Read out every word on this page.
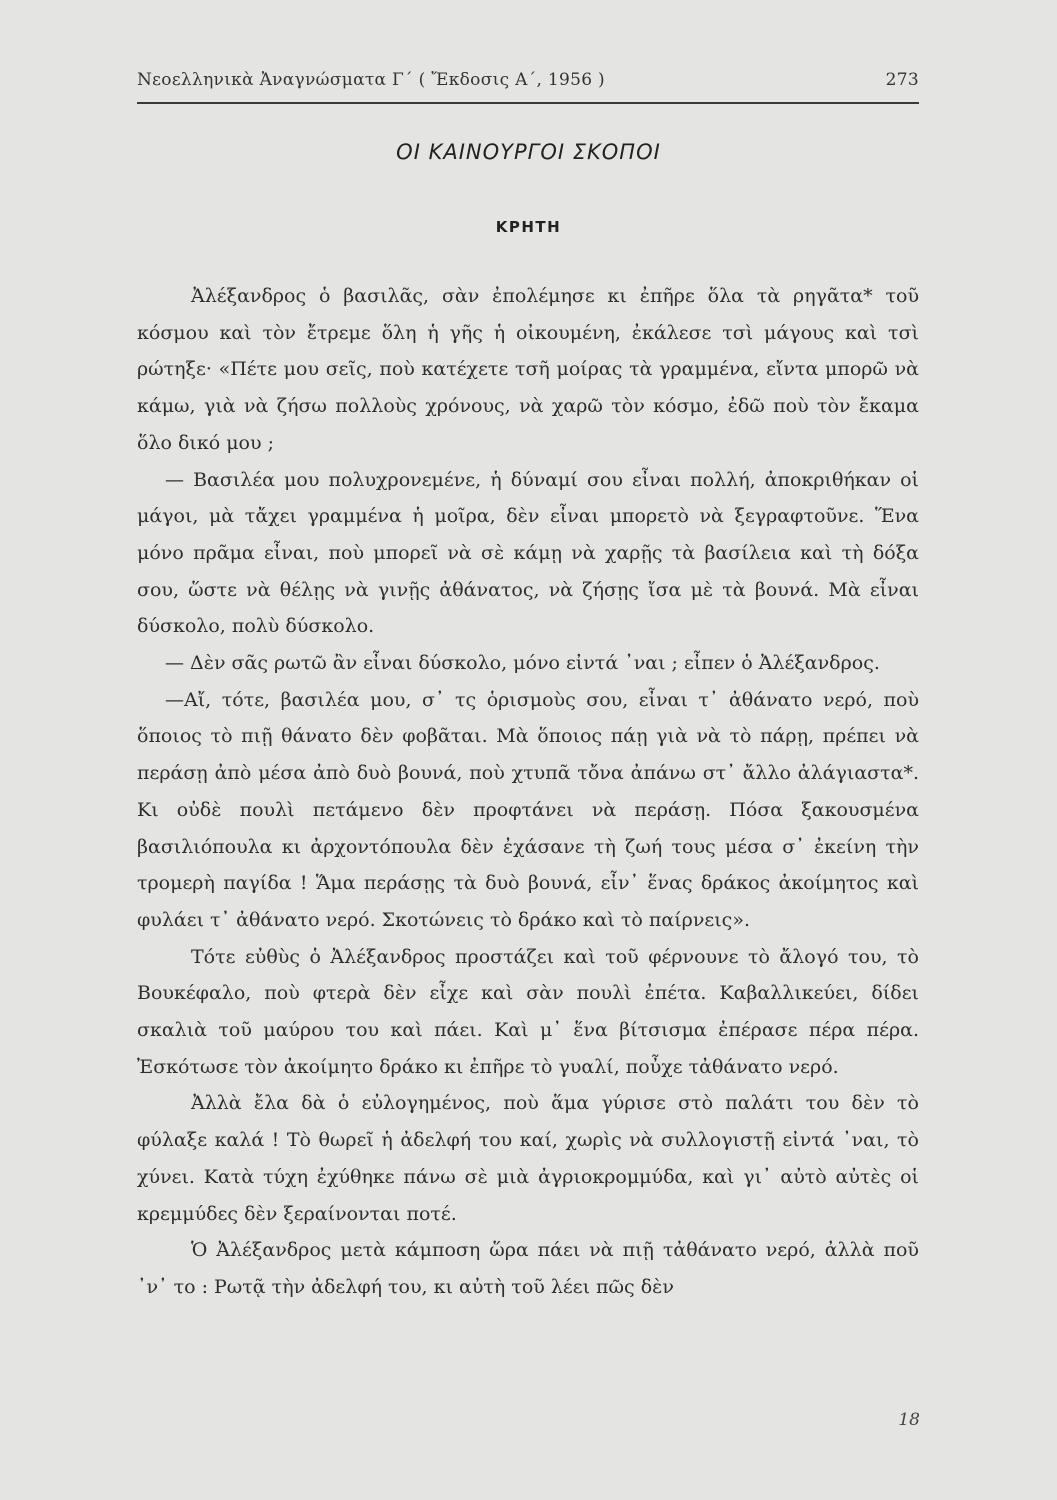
Νεοελληνικὰ Ἀναγνώσματα Γ΄ ( Ἔκδοσις Α΄, 1956 )	273
ΟΙ ΚΑΙΝΟΥΡΓΟΙ ΣΚΟΠΟΙ
ΚΡΗΤΗ

Ἀλέξανδρος ὁ βασιλᾶς, σὰν ἐπολέμησε κι ἐπῆρε ὅλα τὰ ρηγᾶτα* τοῦ κόσμου καὶ τὸν ἔτρεμε ὅλη ἡ γῆς ἡ οἰκουμένη, ἐκάλεσε τσὶ μάγους καὶ τσὶ ρώτηξε· «Πέτε μου σεῖς, ποὺ κατέχετε τσῆ μοίρας τὰ γραμμένα, εἴντα μπορῶ νὰ κάμω, γιὰ νὰ ζήσω πολλοὺς χρόνους, νὰ χαρῶ τὸν κόσμο, ἐδῶ ποὺ τὸν ἔκαμα ὅλο δικό μου ;

— Βασιλέα μου πολυχρονεμένε, ἡ δύναμί σου εἶναι πολλή, ἀποκριθήκαν οἱ μάγοι, μὰ τἄχει γραμμένα ἡ μοῖρα, δὲν εἶναι μπορετὸ νὰ ξεγραφτοῦνε. Ἕνα μόνο πρᾶμα εἶναι, ποὺ μπορεῖ νὰ σὲ κάμῃ νὰ χαρῇς τὰ βασίλεια καὶ τὴ δόξα σου, ὥστε νὰ θέλῃς νὰ γινῇς ἀθάνατος, νὰ ζήσῃς ἴσα μὲ τὰ βουνά. Μὰ εἶναι δύσκολο, πολὺ δύσκολο.

— Δὲν σᾶς ρωτῶ ἂν εἶναι δύσκολο, μόνο εἰντά ᾽ναι ; εἶπεν ὁ Ἀλέξανδρος.

—Αἴ, τότε, βασιλέα μου, σ᾽ τς ὁρισμοὺς σου, εἶναι τ᾽ ἀθάνατο νερό, ποὺ ὅποιος τὸ πιῇ θάνατο δὲν φοβᾶται. Μὰ ὅποιος πάῃ γιὰ νὰ τὸ πάρῃ, πρέπει νὰ περάσῃ ἀπὸ μέσα ἀπὸ δυὸ βουνά, ποὺ χτυπᾶ τὄνα ἀπάνω στ᾽ ἄλλο ἀλάγιαστα*. Κι οὐδὲ πουλὶ πετάμενο δὲν προφτάνει νὰ περάσῃ. Πόσα ξακουσμένα βασιλιόπουλα κι ἀρχοντόπουλα δὲν ἐχάσανε τὴ ζωή τους μέσα σ᾽ ἐκείνη τὴν τρομερὴ παγίδα ! Ἅμα περάσῃς τὰ δυὸ βουνά, εἶν᾽ ἕνας δράκος ἀκοίμητος καὶ φυλάει τ᾽ ἀθάνατο νερό. Σκοτώνεις τὸ δράκο καὶ τὸ παίρνεις».

Τότε εὐθὺς ὁ Ἀλέξανδρος προστάζει καὶ τοῦ φέρνουνε τὸ ἄλογό του, τὸ Βουκέφαλο, ποὺ φτερὰ δὲν εἶχε καὶ σὰν πουλὶ ἐπέτα. Καβαλλικεύει, δίδει σκαλιὰ τοῦ μαύρου του καὶ πάει. Καὶ μ᾽ ἕνα βίτσισμα ἐπέρασε πέρα πέρα. Ἐσκότωσε τὸν ἀκοίμητο δράκο κι ἐπῆρε τὸ γυαλί, ποὖχε τἀθάνατο νερό.

Ἀλλὰ ἔλα δὰ ὁ εὐλογημένος, ποὺ ἅμα γύρισε στὸ παλάτι του δὲν τὸ φύλαξε καλά ! Τὸ θωρεῖ ἡ ἀδελφή του καί, χωρὶς νὰ συλλογιστῇ εἰντά ᾽ναι, τὸ χύνει. Κατὰ τύχη ἐχύθηκε πάνω σὲ μιὰ ἀγριοκρομμύδα, καὶ γι᾽ αὐτὸ αὐτὲς οἱ κρεμμύδες δὲν ξεραίνονται ποτέ.

Ὁ Ἀλέξανδρος μετὰ κάμποση ὥρα πάει νὰ πιῇ τἀθάνατο νερό, ἀλλὰ ποῦ ᾽ν᾽ το : Ρωτᾷ τὴν ἀδελφή του, κι αὐτὴ τοῦ λέει πῶς δὲν

18
